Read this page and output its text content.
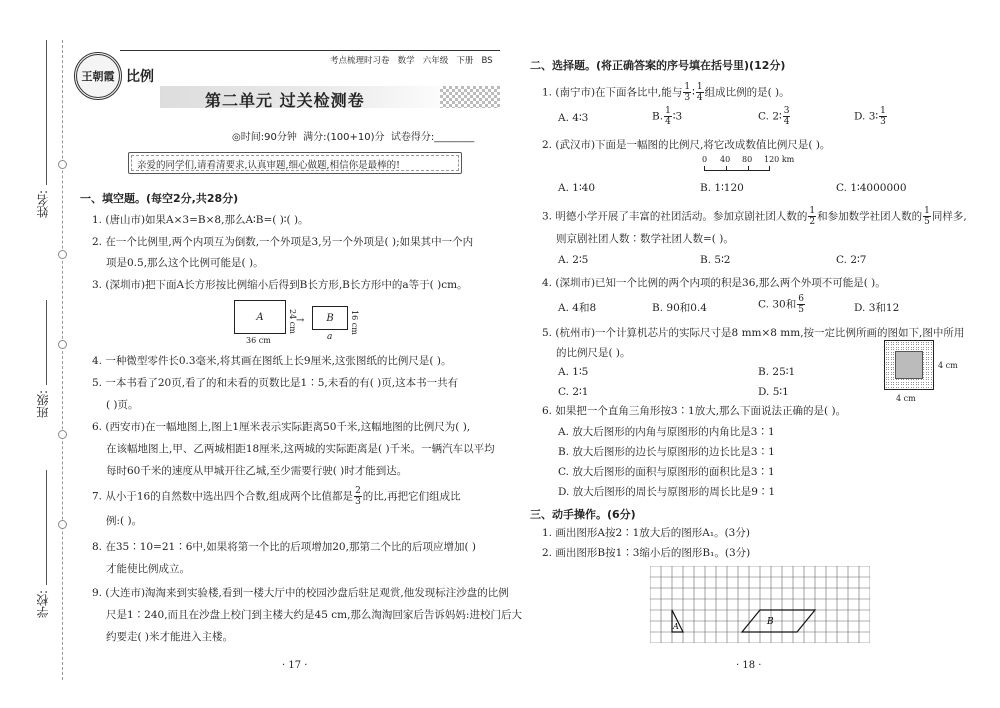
姓名:
班级:
学校:
王朝霞
考点梳理时习卷 数学 六年级 下册 BS
比例
第二单元 过关检测卷
◎时间:90分钟  满分:(100+10)分  试卷得分:________
亲爱的同学们,请看清要求,认真审题,细心做题,相信你是最棒的!
一、填空题。(每空2分,共28分)
1. (唐山市)如果A×3=B×8,那么A∶B=( )∶( )。
2. 在一个比例里,两个内项互为倒数,一个外项是3,另一个外项是( );如果其中一个内
项是0.5,那么这个比例可能是( )。
3. (深圳市)把下面A长方形按比例缩小后得到B长方形,B长方形中的a等于( )cm。
A
36 cm
24 cm → B 16 cm
a
4. 一种微型零件长0.3毫米,将其画在图纸上长9厘米,这张图纸的比例尺是( )。
5. 一本书看了20页,看了的和未看的页数比是1∶5,未看的有( )页,这本书一共有
( )页。
6. (西安市)在一幅地图上,图上1厘米表示实际距离50千米,这幅地图的比例尺为( ),
在该幅地图上,甲、乙两城相距18厘米,这两城的实际距离是( )千米。一辆汽车以平均
每时60千米的速度从甲城开往乙城,至少需要行驶( )时才能到达。
7. 从小于16的自然数中选出四个合数,组成两个比值都是 $\frac{2}{3}$ 的比,再把它们组成比
例:( )。
8. 在35∶10=21∶6中,如果将第一个比的后项增加20,那第二个比的后项应增加( )
才能使比例成立。
9. (大连市)淘淘来到实验楼,看到一楼大厅中的校园沙盘后驻足观赏,他发现标注沙盘的比例
尺是1∶240,而且在沙盘上校门到主楼大约是45 cm,那么淘淘回家后告诉妈妈:进校门后大
约要走( )米才能进入主楼。
· 17 ·
二、选择题。(将正确答案的序号填在括号里)(12分)
1. (南宁市)在下面各比中,能与 $\frac{1}{3}$ ∶ $\frac{1}{4}$ 组成比例的是( )。
A. 4∶3	B. $\frac{1}{4}$ ∶3	C. 2∶ $\frac{3}{4}$	D. 3∶ $\frac{1}{3}$
2. (武汉市)下面是一幅图的比例尺,将它改成数值比例尺是( )。
0 40 80 120 km
A. 1∶40	B. 1∶120	C. 1∶4000000
3. 明德小学开展了丰富的社团活动。参加京剧社团人数的 $\frac{1}{2}$ 和参加数学社团人数的 $\frac{1}{5}$ 同样多,
则京剧社团人数∶数学社团人数=( )。
A. 2∶5	B. 5∶2	C. 2∶7
4. (深圳市)已知一个比例的两个内项的积是36,那么两个外项不可能是( )。
A. 4和8	B. 90和0.4	C. 30和 $\frac{6}{5}$	D. 3和12
5. (杭州市)一个计算机芯片的实际尺寸是8 mm×8 mm,按一定比例所画的图如下,图中所用
的比例尺是( )。
A. 1∶5	B. 25∶1
C. 2∶1	D. 5∶1
4 cm
4 cm
6. 如果把一个直角三角形按3∶1放大,那么下面说法正确的是( )。
A. 放大后图形的内角与原图形的内角比是3∶1
B. 放大后图形的边长与原图形的边长比是3∶1
C. 放大后图形的面积与原图形的面积比是3∶1
D. 放大后图形的周长与原图形的周长比是9∶1
三、动手操作。(6分)
1. 画出图形A按2∶1放大后的图形A₁。(3分)
2. 画出图形B按1∶3缩小后的图形B₁。(3分)
A	B
· 18 ·
